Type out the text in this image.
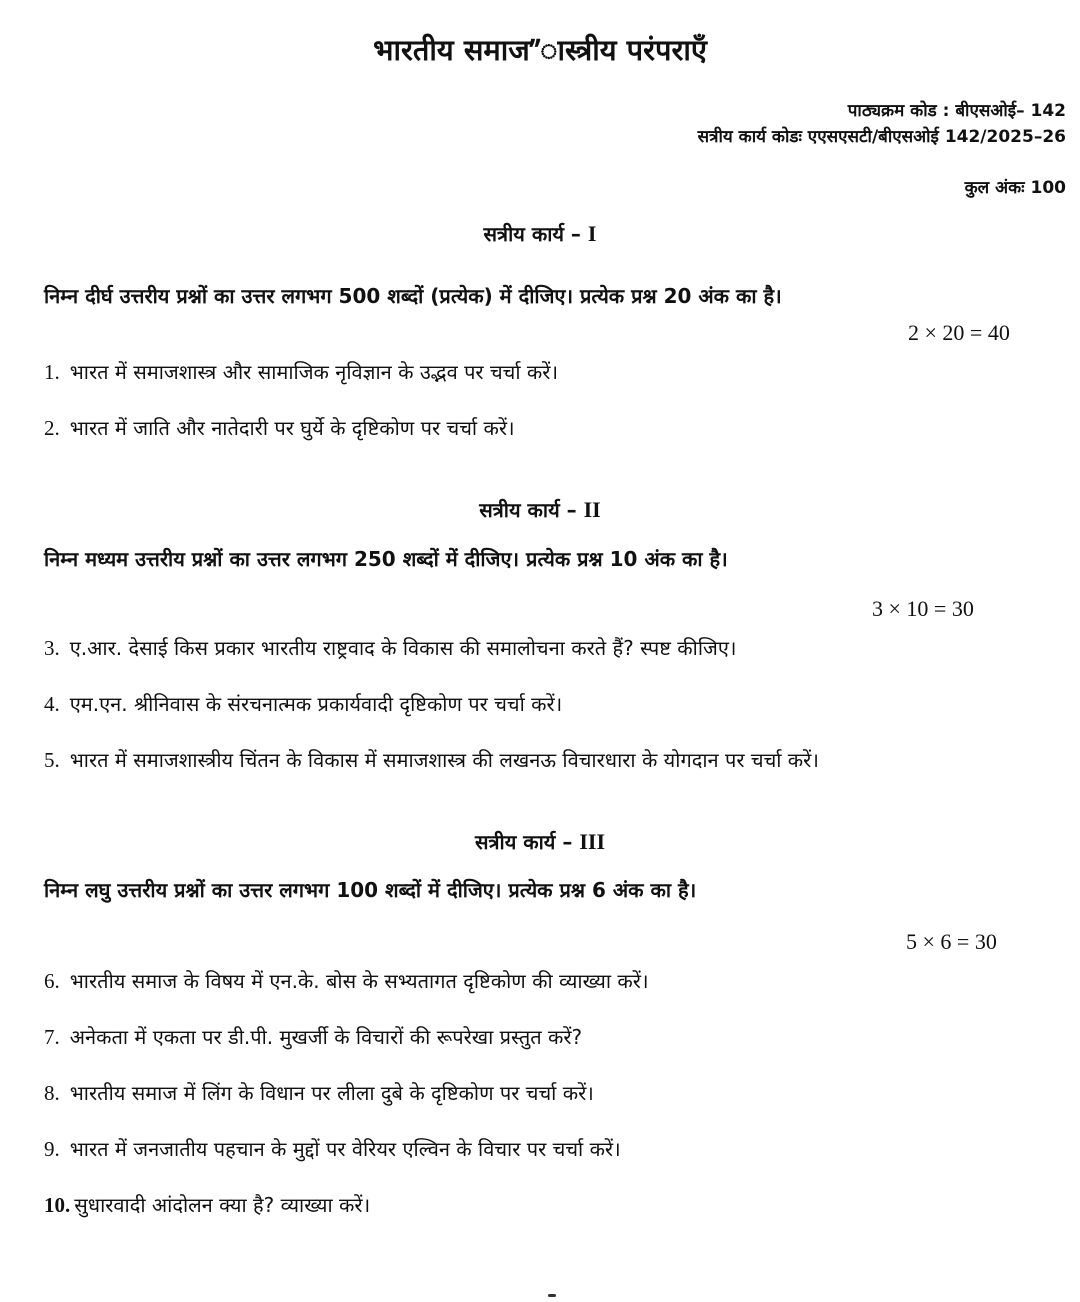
भारतीय समाज”ास्त्रीय परंपराएँ
पाठ्यक्रम कोड : बीएसओई– 142
सत्रीय कार्य कोडः एएसएसटी/बीएसओई 142/2025–26
कुल अंकः 100
सत्रीय कार्य – I
निम्न दीर्घ उत्तरीय प्रश्नों का उत्तर लगभग 500 शब्दों (प्रत्येक) में दीजिए। प्रत्येक प्रश्न 20 अंक का है।
2 × 20 = 40
1. भारत में समाजशास्त्र और सामाजिक नृविज्ञान के उद्भव पर चर्चा करें।
2. भारत में जाति और नातेदारी पर घुर्ये के दृष्टिकोण पर चर्चा करें।
सत्रीय कार्य – II
निम्न मध्यम उत्तरीय प्रश्नों का उत्तर लगभग 250 शब्दों में दीजिए। प्रत्येक प्रश्न 10 अंक का है।
3 × 10 = 30
3. ए.आर. देसाई किस प्रकार भारतीय राष्ट्रवाद के विकास की समालोचना करते हैं? स्पष्ट कीजिए।
4. एम.एन. श्रीनिवास के संरचनात्मक प्रकार्यवादी दृष्टिकोण पर चर्चा करें।
5. भारत में समाजशास्त्रीय चिंतन के विकास में समाजशास्त्र की लखनऊ विचारधारा के योगदान पर चर्चा करें।
सत्रीय कार्य – III
निम्न लघु उत्तरीय प्रश्नों का उत्तर लगभग 100 शब्दों में दीजिए। प्रत्येक प्रश्न 6 अंक का है।
5 × 6 = 30
6. भारतीय समाज के विषय में एन.के. बोस के सभ्यतागत दृष्टिकोण की व्याख्या करें।
7. अनेकता में एकता पर डी.पी. मुखर्जी के विचारों की रूपरेखा प्रस्तुत करें?
8. भारतीय समाज में लिंग के विधान पर लीला दुबे के दृष्टिकोण पर चर्चा करें।
9. भारत में जनजातीय पहचान के मुद्दों पर वेरियर एल्विन के विचार पर चर्चा करें।
10. सुधारवादी आंदोलन क्या है? व्याख्या करें।
